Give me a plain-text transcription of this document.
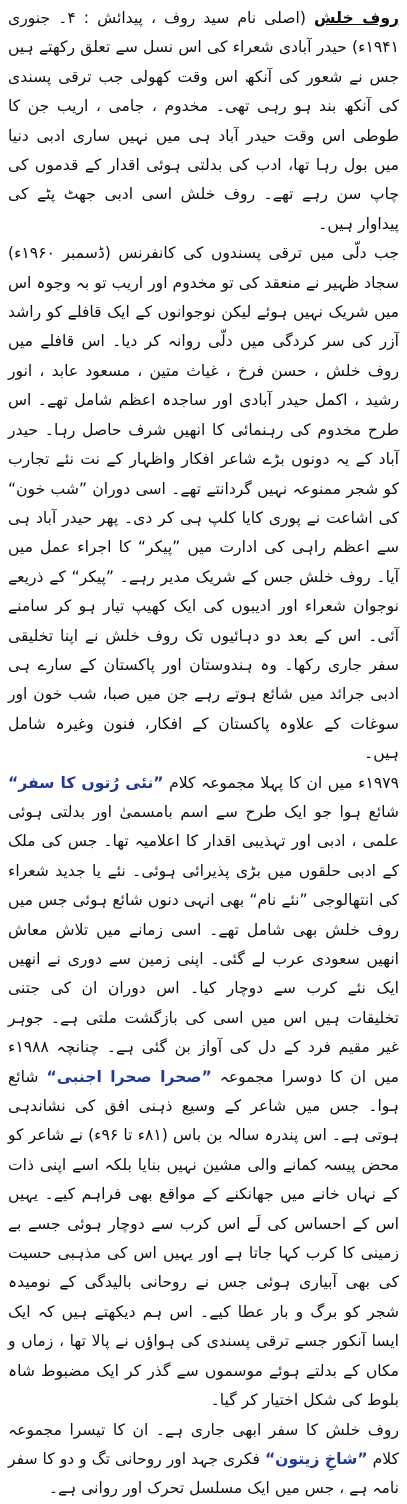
روف خلش (اصلی نام سید روف ، پیدائش : ۴۔ جنوری ۱۹۴۱ء) حیدر آبادی شعراء کی اس نسل سے تعلق رکھتے ہیں جس نے شعور کی آنکھ اس وقت کھولی جب ترقی پسندی کی آنکھ بند ہو رہی تھی۔ مخدوم ، جامی ، اریب جن کا طوطی اس وقت حیدر آباد ہی میں نہیں ساری ادبی دنیا میں بول رہا تھا، ادب کی بدلتی ہوئی اقدار کے قدموں کی چاپ سن رہے تھے۔ روف خلش اسی ادبی جھٹ پٹے کی پیداوار ہیں۔

جب دلّی میں ترقی پسندوں کی کانفرنس (ڈسمبر ۱۹۶۰ء) سجاد ظہیر نے منعقد کی تو مخدوم اور اریب تو بہ وجوہ اس میں شریک نہیں ہوئے لیکن نوجوانوں کے ایک قافلے کو راشد آزر کی سر کردگی میں دلّی روانہ کر دیا۔ اس قافلے میں روف خلش ، حسن فرخ ، غیاث متین ، مسعود عابد ، انور رشید ، اکمل حیدر آبادی اور ساجدہ اعظم شامل تھے۔ اس طرح مخدوم کی رہنمائی کا انھیں شرف حاصل رہا۔ حیدر آباد کے یہ دونوں بڑے شاعر افکار واظہار کے نت نئے تجارب کو شجر ممنوعہ نہیں گردانتے تھے۔ اسی دوران ”شب خون“ کی اشاعت نے پوری کایا کلپ ہی کر دی۔ پھر حیدر آباد ہی سے اعظم راہی کی ادارت میں ”پیکر“ کا اجراء عمل میں آیا۔ روف خلش جس کے شریک مدیر رہے۔ ”پیکر“ کے ذریعے نوجوان شعراء اور ادیبوں کی ایک کھیپ تیار ہو کر سامنے آئی۔ اس کے بعد دو دہائیوں تک روف خلش نے اپنا تخلیقی سفر جاری رکھا۔ وہ ہندوستان اور پاکستان کے سارے ہی ادبی جرائد میں شائع ہوتے رہے جن میں صبا، شب خون اور سوغات کے علاوہ پاکستان کے افکار، فنون وغیرہ شامل ہیں۔

۱۹۷۹ء میں ان کا پہلا مجموعہ کلام ”نئی رُتوں کا سفر“ شائع ہوا جو ایک طرح سے اسم بامسمیٰ اور بدلتی ہوئی علمی ، ادبی اور تہذیبی اقدار کا اعلامیہ تھا۔ جس کی ملک کے ادبی حلقوں میں بڑی پذیرائی ہوئی۔ نئے یا جدید شعراء کی انتھالوجی ”نئے نام“ بھی انہی دنوں شائع ہوئی جس میں روف خلش بھی شامل تھے۔ اسی زمانے میں تلاش معاش انھیں سعودی عرب لے گئی۔ اپنی زمین سے دوری نے انھیں ایک نئے کرب سے دوچار کیا۔ اس دوران ان کی جتنی تخلیقات ہیں اس میں اسی کی بازگشت ملتی ہے۔ جوہر غیر مقیم فرد کے دل کی آواز بن گئی ہے۔ چنانچہ ۱۹۸۸ء میں ان کا دوسرا مجموعہ ”صحرا صحرا اجنبی“ شائع ہوا۔ جس میں شاعر کے وسیع ذہنی افق کی نشاندہی ہوتی ہے۔ اس پندرہ سالہ بن باس (۸۱ء تا ۹۶ء) نے شاعر کو محض پیسہ کمانے والی مشین نہیں بنایا بلکہ اسے اپنی ذات کے نہاں خانے میں جھانکنے کے مواقع بھی فراہم کیے۔ یہیں اس کے احساس کی لَے اس کرب سے دوچار ہوئی جسے بے زمینی کا کرب کہا جاتا ہے اور یہیں اس کی مذہبی حسیت کی بھی آبیاری ہوئی جس نے روحانی بالیدگی کے نومیدہ شجر کو برگ و بار عطا کیے۔ اس ہم دیکھتے ہیں کہ ایک ایسا آنکور جسے ترقی پسندی کی ہواؤں نے پالا تھا ، زماں و مکاں کے بدلتے ہوئے موسموں سے گذر کر ایک مضبوط شاہ بلوط کی شکل اختیار کر گیا۔

روف خلش کا سفر ابھی جاری ہے۔ ان کا تیسرا مجموعہ کلام ”شاخِ زیتون“ فکری جہد اور روحانی تگ و دو کا سفر نامہ ہے ، جس میں ایک مسلسل تحرک اور روانی ہے۔
